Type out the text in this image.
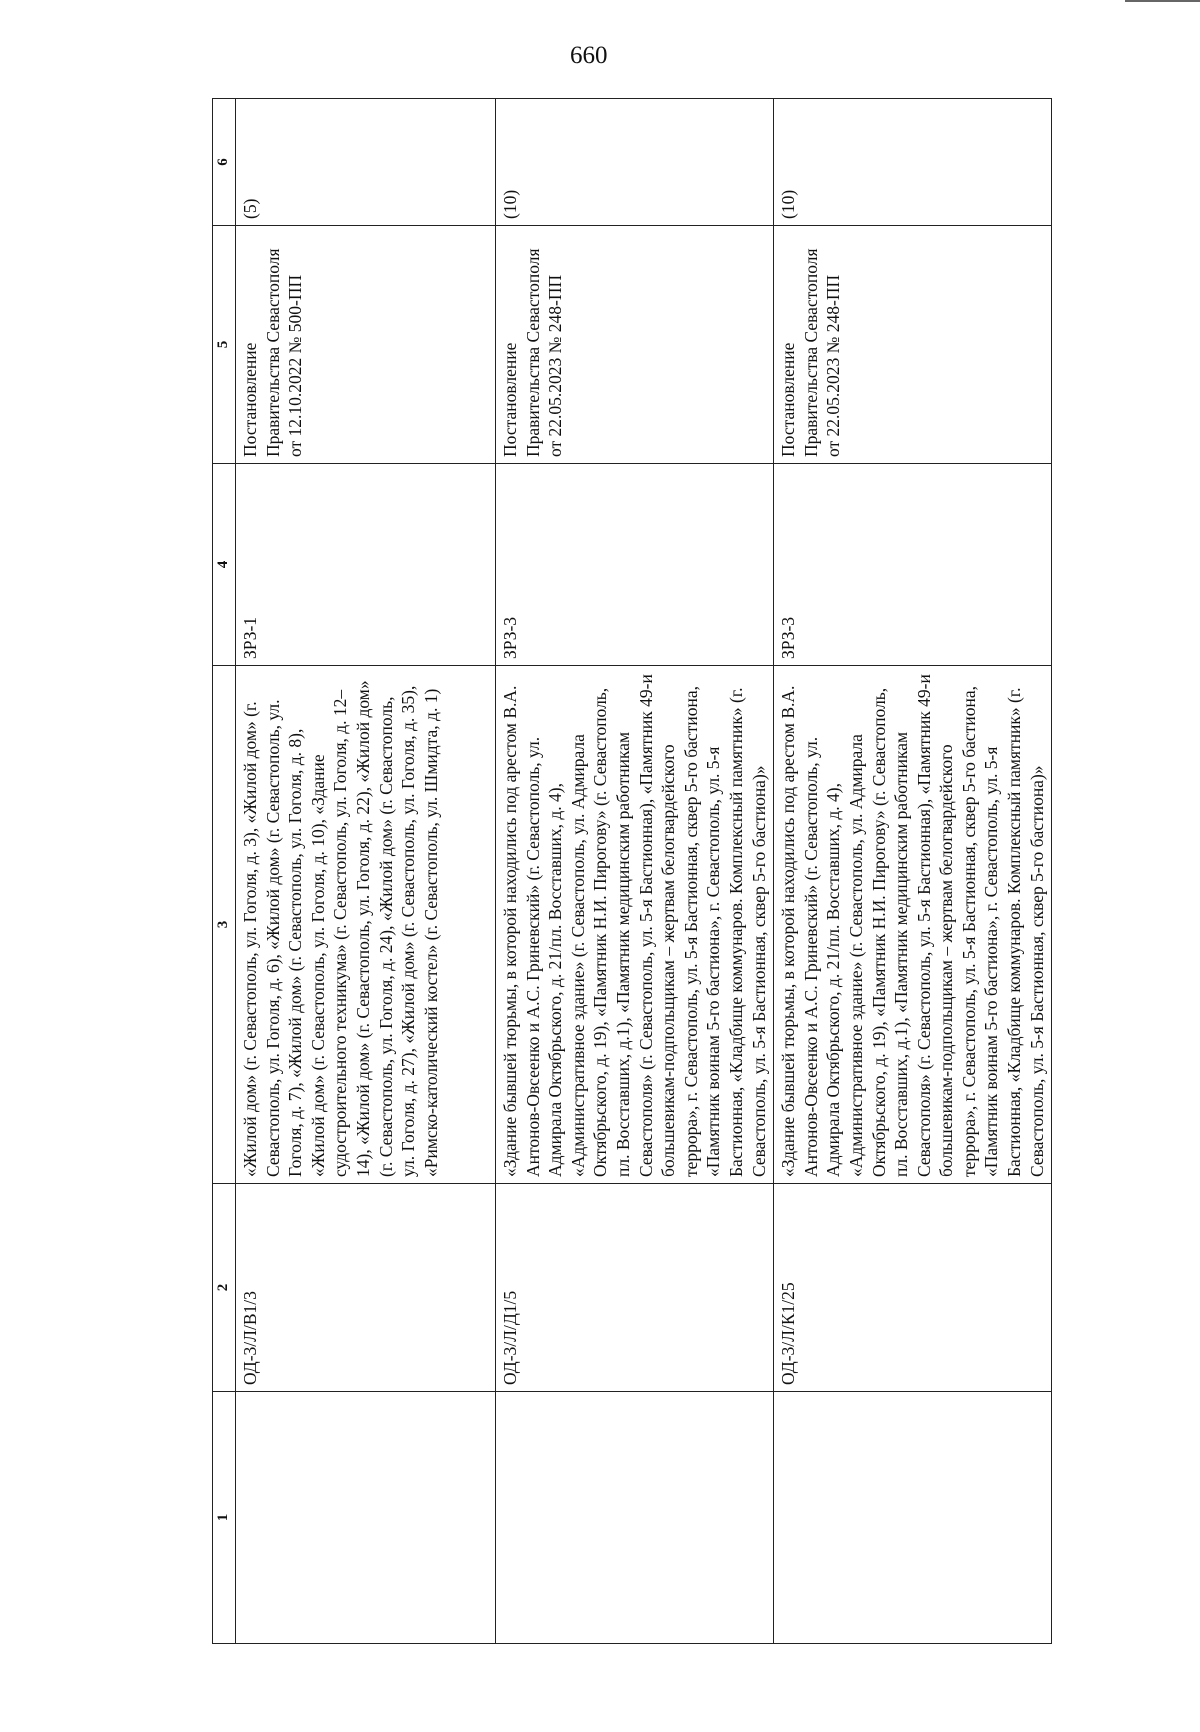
660
1	2	3	4	5	6
	ОД-3/Л/В1/3	«Жилой дом» (г. Севастополь, ул. Гоголя, д. 3), «Жилой дом» (г. Севастополь, ул. Гоголя, д. 6), «Жилой дом» (г. Севастополь, ул. Гоголя, д. 7), «Жилой дом» (г. Севастополь, ул. Гоголя, д. 8), «Жилой дом» (г. Севастополь, ул. Гоголя, д. 10), «Здание судостроительного техникума» (г. Севастополь, ул. Гоголя, д. 12–14), «Жилой дом» (г. Севастополь, ул. Гоголя, д. 22), «Жилой дом» (г. Севастополь, ул. Гоголя, д. 24), «Жилой дом» (г. Севастополь, ул. Гоголя, д. 27), «Жилой дом» (г. Севастополь, ул. Гоголя, д. 35), «Римско-католический костел» (г. Севастополь, ул. Шмидта, д. 1)	ЗРЗ-1	Постановление Правительства Севастополя от 12.10.2022 № 500-ПП	(5)
	ОД-3/Л/Д1/5	«Здание бывшей тюрьмы, в которой находились под арестом В.А. Антонов-Овсеенко и А.С. Гриневский» (г. Севастополь, ул. Адмирала Октябрьского, д. 21/пл. Восставших, д. 4), «Административное здание» (г. Севастополь, ул. Адмирала Октябрьского, д. 19), «Памятник Н.И. Пирогову» (г. Севастополь, пл. Восставших, д.1), «Памятник медицинским работникам Севастополя» (г. Севастополь, ул. 5-я Бастионная), «Памятник 49-и большевикам-подпольщикам – жертвам белогвардейского террора», г. Севастополь, ул. 5-я Бастионная, сквер 5-го бастиона, «Памятник воинам 5-го бастиона», г. Севастополь, ул. 5-я Бастионная, «Кладбище коммунаров. Комплексный памятник» (г. Севастополь, ул. 5-я Бастионная, сквер 5-го бастиона)»	ЗРЗ-3	Постановление Правительства Севастополя от 22.05.2023 № 248-ПП	(10)
	ОД-3/Л/К1/25	«Здание бывшей тюрьмы, в которой находились под арестом В.А. Антонов-Овсеенко и А.С. Гриневский» (г. Севастополь, ул. Адмирала Октябрьского, д. 21/пл. Восставших, д. 4), «Административное здание» (г. Севастополь, ул. Адмирала Октябрьского, д. 19), «Памятник Н.И. Пирогову» (г. Севастополь, пл. Восставших, д.1), «Памятник медицинским работникам Севастополя» (г. Севастополь, ул. 5-я Бастионная), «Памятник 49-и большевикам-подпольщикам – жертвам белогвардейского террора», г. Севастополь, ул. 5-я Бастионная, сквер 5-го бастиона, «Памятник воинам 5-го бастиона», г. Севастополь, ул. 5-я Бастионная, «Кладбище коммунаров. Комплексный памятник» (г. Севастополь, ул. 5-я Бастионная, сквер 5-го бастиона)»	ЗРЗ-3	Постановление Правительства Севастополя от 22.05.2023 № 248-ПП	(10)
